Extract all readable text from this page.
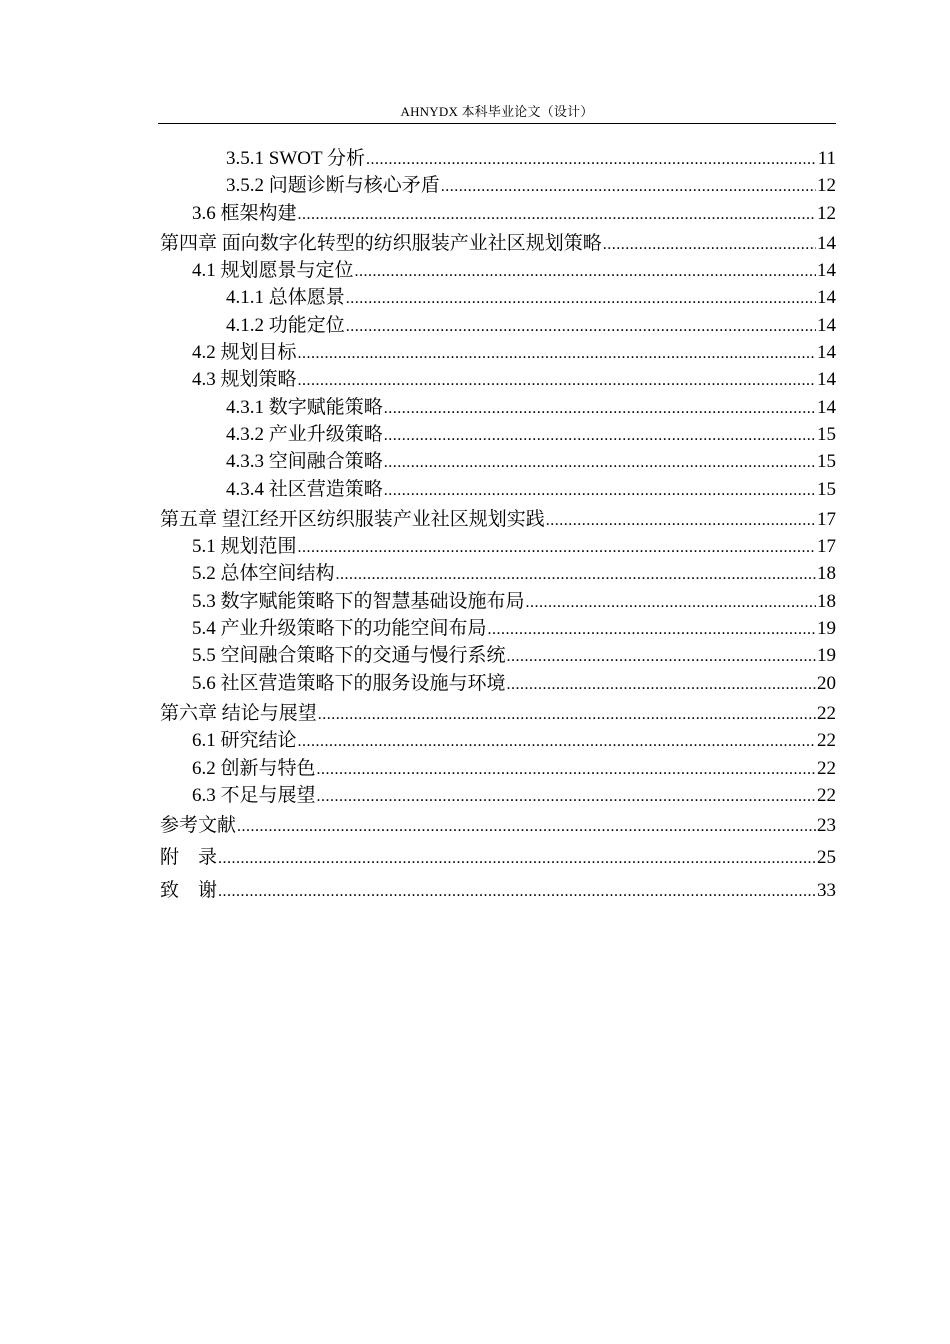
AHNYDX 本科毕业论文（设计）
3.5.1 SWOT 分析 .....	11
3.5.2 问题诊断与核心矛盾 .....	12
3.6 框架构建 .....	12
第四章 面向数字化转型的纺织服装产业社区规划策略 .....	14
4.1 规划愿景与定位 .....	14
4.1.1 总体愿景 .....	14
4.1.2 功能定位 .....	14
4.2 规划目标 .....	14
4.3 规划策略 .....	14
4.3.1 数字赋能策略 .....	14
4.3.2 产业升级策略 .....	15
4.3.3 空间融合策略 .....	15
4.3.4 社区营造策略 .....	15
第五章 望江经开区纺织服装产业社区规划实践 .....	17
5.1 规划范围 .....	17
5.2 总体空间结构 .....	18
5.3 数字赋能策略下的智慧基础设施布局 .....	18
5.4 产业升级策略下的功能空间布局 .....	19
5.5 空间融合策略下的交通与慢行系统 .....	19
5.6 社区营造策略下的服务设施与环境 .....	20
第六章 结论与展望 .....	22
6.1 研究结论 .....	22
6.2 创新与特色 .....	22
6.3 不足与展望 .....	22
参考文献 .....	23
附    录 .....	25
致    谢 .....	33
